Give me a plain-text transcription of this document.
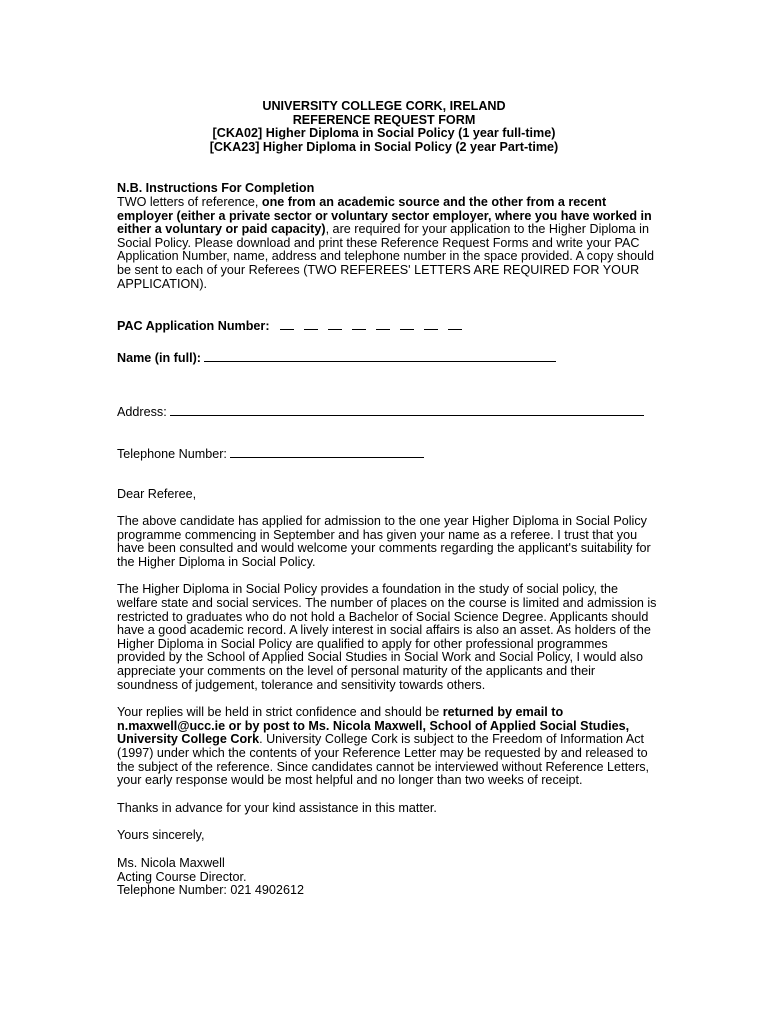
UNIVERSITY COLLEGE CORK, IRELAND
REFERENCE REQUEST FORM
[CKA02] Higher Diploma in Social Policy (1 year full-time)
[CKA23] Higher Diploma in Social Policy (2 year Part-time)
N.B. Instructions For Completion

TWO letters of reference, one from an academic source and the other from a recent employer (either a private sector or voluntary sector employer, where you have worked in either a voluntary or paid capacity), are required for your application to the Higher Diploma in Social Policy. Please download and print these Reference Request Forms and write your PAC Application Number, name, address and telephone number in the space provided. A copy should be sent to each of your Referees (TWO REFEREES' LETTERS ARE REQUIRED FOR YOUR APPLICATION).

PAC Application Number:
Name (in full):
Address:
Telephone Number:

Dear Referee,

The above candidate has applied for admission to the one year Higher Diploma in Social Policy programme commencing in September and has given your name as a referee. I trust that you have been consulted and would welcome your comments regarding the applicant's suitability for the Higher Diploma in Social Policy.

The Higher Diploma in Social Policy provides a foundation in the study of social policy, the welfare state and social services. The number of places on the course is limited and admission is restricted to graduates who do not hold a Bachelor of Social Science Degree. Applicants should have a good academic record. A lively interest in social affairs is also an asset. As holders of the Higher Diploma in Social Policy are qualified to apply for other professional programmes provided by the School of Applied Social Studies in Social Work and Social Policy, I would also appreciate your comments on the level of personal maturity of the applicants and their soundness of judgement, tolerance and sensitivity towards others.

Your replies will be held in strict confidence and should be returned by email to n.maxwell@ucc.ie or by post to Ms. Nicola Maxwell, School of Applied Social Studies, University College Cork. University College Cork is subject to the Freedom of Information Act (1997) under which the contents of your Reference Letter may be requested by and released to the subject of the reference. Since candidates cannot be interviewed without Reference Letters, your early response would be most helpful and no longer than two weeks of receipt.

Thanks in advance for your kind assistance in this matter.

Yours sincerely,

Ms. Nicola Maxwell

Acting Course Director.

Telephone Number: 021 4902612
